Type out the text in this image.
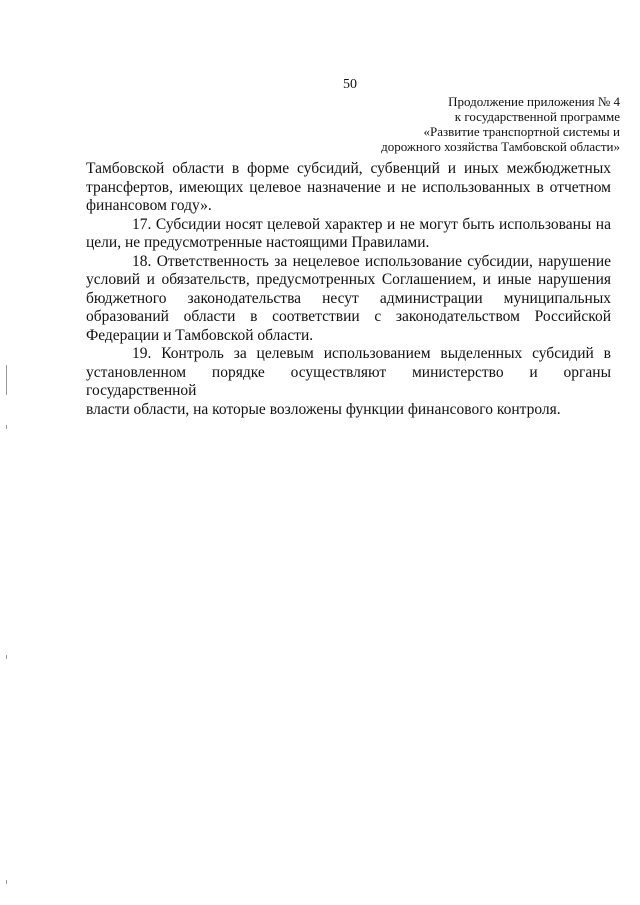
50
Продолжение приложения № 4
к государственной программе
«Развитие транспортной системы и
дорожного хозяйства Тамбовской области»
Тамбовской области в форме субсидий, субвенций и иных межбюджетных
трансфертов, имеющих целевое назначение и не использованных в отчетном
финансовом году».
17. Субсидии носят целевой характер и не могут быть использованы на
цели, не предусмотренные настоящими Правилами.
18. Ответственность за нецелевое использование субсидии, нарушение
условий и обязательств, предусмотренных Соглашением, и иные нарушения
бюджетного законодательства несут администрации муниципальных
образований области в соответствии с законодательством Российской
Федерации и Тамбовской области.
19. Контроль за целевым использованием выделенных субсидий в
установленном порядке осуществляют министерство и органы государственной
власти области, на которые возложены функции финансового контроля.
